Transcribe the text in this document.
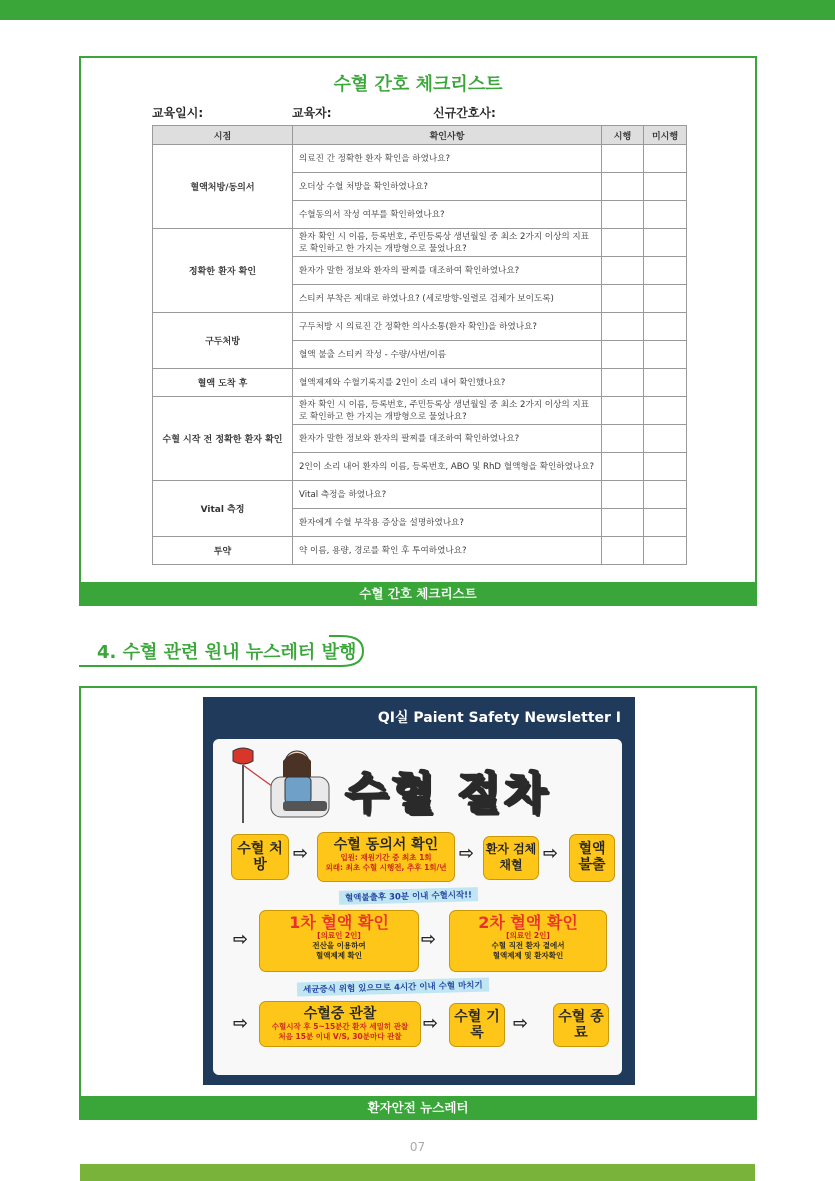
수혈 간호 체크리스트
교육일시:	교육자:	신규간호사:
시점	확인사항	시행	미시행
혈액처방/동의서	의료진 간 정확한 환자 확인을 하였나요?		
	오더상 수혈 처방을 확인하였나요?		
	수혈동의서 작성 여부를 확인하였나요?		
정확한 환자 확인	환자 확인 시 이름, 등록번호, 주민등록상 생년월일 중 최소 2가지 이상의 지표로 확인하고 한 가지는 개방형으로 물었나요?		
	환자가 말한 정보와 환자의 팔찌를 대조하여 확인하였나요?		
	스티커 부착은 제대로 하였나요? (세로방향-일렬로 검체가 보이도록)		
구두처방	구두처방 시 의료진 간 정확한 의사소통(환자 확인)을 하였나요?		
	혈액 불출 스티커 작성 - 수량/사번/이름		
혈액 도착 후	혈액제제와 수혈기록지를 2인이 소리 내어 확인했나요?		
수혈 시작 전 정확한 환자 확인	환자 확인 시 이름, 등록번호, 주민등록상 생년월일 중 최소 2가지 이상의 지표로 확인하고 한 가지는 개방형으로 물었나요?		
	환자가 말한 정보와 환자의 팔찌를 대조하여 확인하였나요?		
	2인이 소리 내어 환자의 이름, 등록번호, ABO 및 RhD 혈액형을 확인하였나요?		
Vital 측정	Vital 측정을 하였나요?		
	환자에게 수혈 부작용 증상을 설명하였나요?		
투약	약 이름, 용량, 경로를 확인 후 투여하였나요?		
수혈 간호 체크리스트
4. 수혈 관련 원내 뉴스레터 발행
QI실 Paient Safety Newsletter Ⅰ
수혈 절차
수혈 처방
⇨	수혈 동의서 확인
입원: 재원기간 중 최초 1회
외래: 최초 수혈 시행전, 추후 1회/년
⇨ 환자 검체채혈
⇨	혈액 불출
혈액불출후 30분 이내 수혈시작!!
⇨
1차 혈액 확인
[의료인 2인]
전산을 이용하여
혈액제제 확인
⇨
2차 혈액 확인
[의료인 2인]
수혈 직전 환자 곁에서
혈액제제 및 환자확인
세균증식 위험 있으므로 4시간 이내 수혈 마치기
⇨	수혈중 관찰
수혈시작 후 5~15분간 환자 세밀히 관찰
처음 15분 이내 V/S, 30분마다 관찰
⇨	수혈 기록	⇨	수혈 종료
환자안전 뉴스레터
07
